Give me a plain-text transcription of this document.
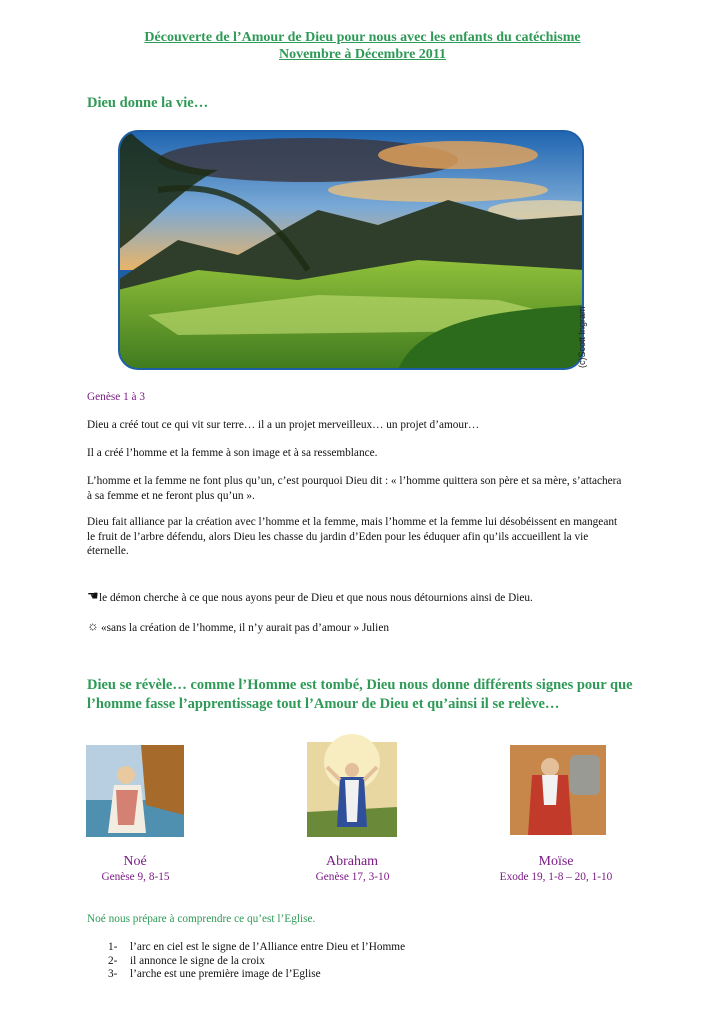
Découverte de l’Amour de Dieu pour nous avec les enfants du catéchisme
Novembre à Décembre 2011
Dieu donne la vie…
(c)Scott Ingram
Genèse 1 à 3
Dieu a créé tout ce qui vit sur terre… il a un projet merveilleux… un projet d’amour…
Il a créé l’homme et la femme à son image et à sa ressemblance.
L’homme et la femme ne font plus qu’un, c’est pourquoi Dieu dit : « l’homme quittera son père et sa mère, s’attachera à sa femme et ne feront plus qu’un ».
Dieu fait alliance par la création avec l’homme et la femme, mais l’homme et la femme lui désobéissent en mangeant le fruit de l’arbre défendu, alors Dieu les chasse du jardin d’Eden pour les éduquer afin qu’ils accueillent la vie éternelle.
☚ le démon cherche à ce que nous ayons peur de Dieu et que nous nous détournions ainsi de Dieu.
☼ «sans la création de l’homme, il n’y aurait pas d’amour » Julien
Dieu se révèle… comme l’Homme est tombé, Dieu nous donne différents signes pour que l’homme fasse l’apprentissage tout l’Amour de Dieu et qu’ainsi il se relève…
Noé
Genèse 9, 8-15
Abraham
Genèse 17, 3-10
Moïse
Exode 19, 1-8 – 20, 1-10
Noé nous prépare à comprendre ce qu’est l’Eglise.
1- l’arc en ciel est le signe de l’Alliance entre Dieu et l’Homme
2- il annonce le signe de la croix
3- l’arche est une première image de l’Eglise
